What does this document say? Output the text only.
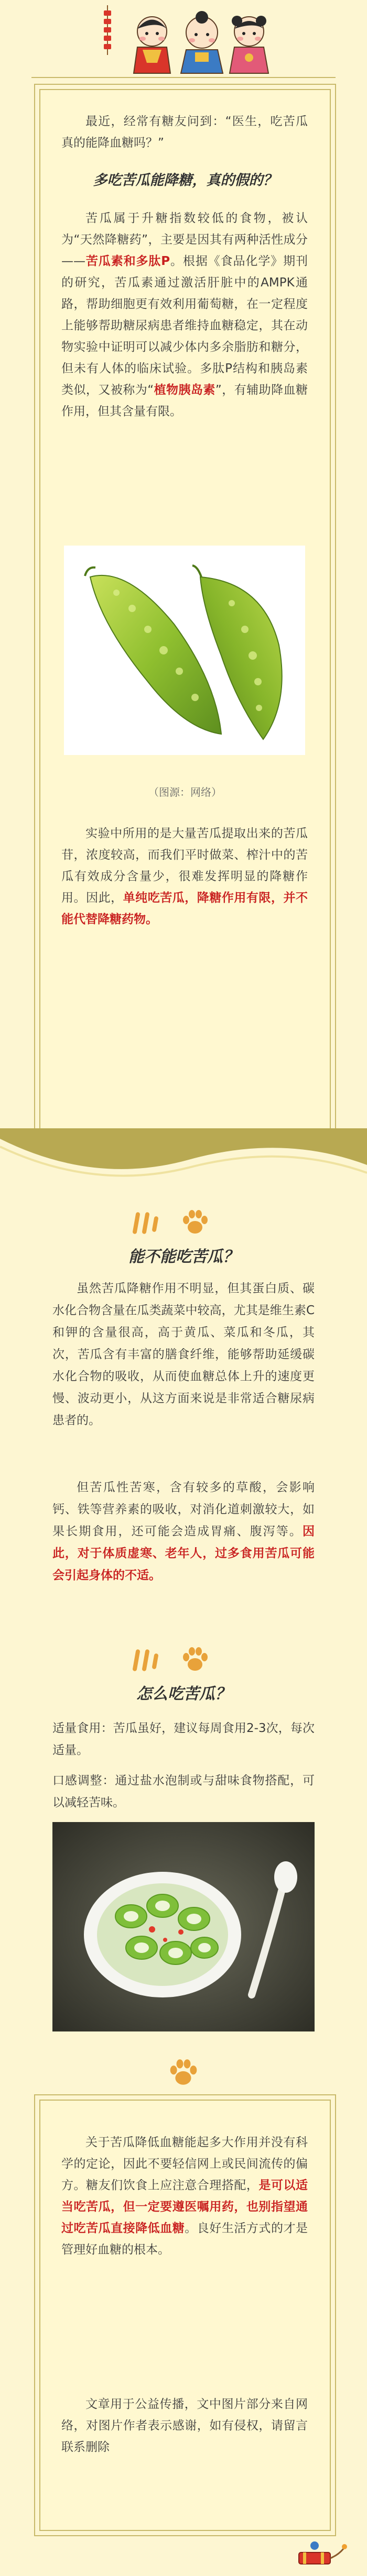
最近，经常有糖友问到：“医生，吃苦瓜真的能降血糖吗？”
多吃苦瓜能降糖，真的假的？
苦瓜属于升糖指数较低的食物，被认为“天然降糖药”，主要是因其有两种活性成分——苦瓜素和多肽P。根据《食品化学》期刊的研究，苦瓜素通过激活肝脏中的AMPK通路，帮助细胞更有效利用葡萄糖，在一定程度上能够帮助糖尿病患者维持血糖稳定，其在动物实验中证明可以减少体内多余脂肪和糖分，但未有人体的临床试验。多肽P结构和胰岛素类似，又被称为“植物胰岛素”，有辅助降血糖作用，但其含量有限。
（图源：网络）
实验中所用的是大量苦瓜提取出来的苦瓜苷，浓度较高，而我们平时做菜、榨汁中的苦瓜有效成分含量少，很难发挥明显的降糖作用。因此，单纯吃苦瓜，降糖作用有限，并不能代替降糖药物。
能不能吃苦瓜？
虽然苦瓜降糖作用不明显，但其蛋白质、碳水化合物含量在瓜类蔬菜中较高，尤其是维生素C和钾的含量很高，高于黄瓜、菜瓜和冬瓜，其次，苦瓜含有丰富的膳食纤维，能够帮助延缓碳水化合物的吸收，从而使血糖总体上升的速度更慢、波动更小，从这方面来说是非常适合糖尿病患者的。
但苦瓜性苦寒，含有较多的草酸，会影响钙、铁等营养素的吸收，对消化道刺激较大，如果长期食用，还可能会造成胃痛、腹泻等。因此，对于体质虚寒、老年人，过多食用苦瓜可能会引起身体的不适。
怎么吃苦瓜？
适量食用：苦瓜虽好，建议每周食用2-3次，每次适量。
口感调整：通过盐水泡制或与甜味食物搭配，可以减轻苦味。
关于苦瓜降低血糖能起多大作用并没有科学的定论，因此不要轻信网上或民间流传的偏方。糖友们饮食上应注意合理搭配，是可以适当吃苦瓜，但一定要遵医嘱用药，也别指望通过吃苦瓜直接降低血糖。良好生活方式的才是管理好血糖的根本。
文章用于公益传播，文中图片部分来自网络，对图片作者表示感谢，如有侵权，请留言联系删除
